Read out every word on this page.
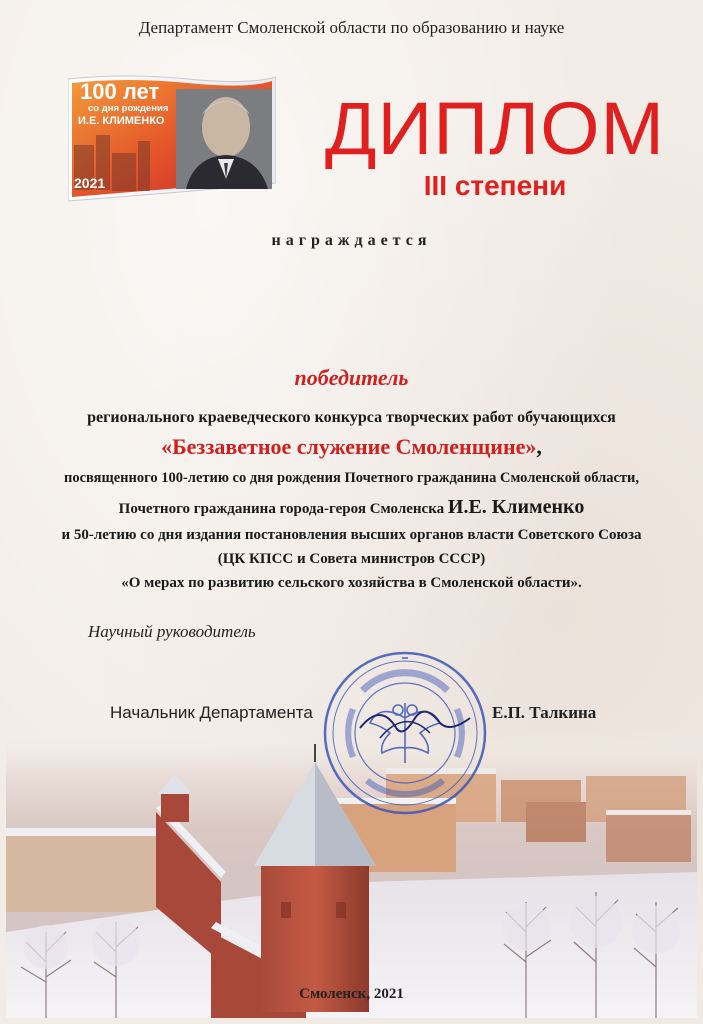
Департамент Смоленской области по образованию и науке
100 лет
со дня рождения
И.Е. КЛИМЕНКО
2021
ДИПЛОМ
III степени
награждается
победитель
регионального краеведческого конкурса творческих работ обучающихся
«Беззаветное служение Смоленщине»,
посвященного 100-летию со дня рождения Почетного гражданина Смоленской области,
Почетного гражданина города-героя Смоленска И.Е. Клименко
и 50-летию со дня издания постановления высших органов власти Советского Союза
(ЦК КПСС и Совета министров СССР)
«О мерах по развитию сельского хозяйства в Смоленской области».
Научный руководитель
Начальник Департамента	Е.П. Талкина
Смоленск, 2021
